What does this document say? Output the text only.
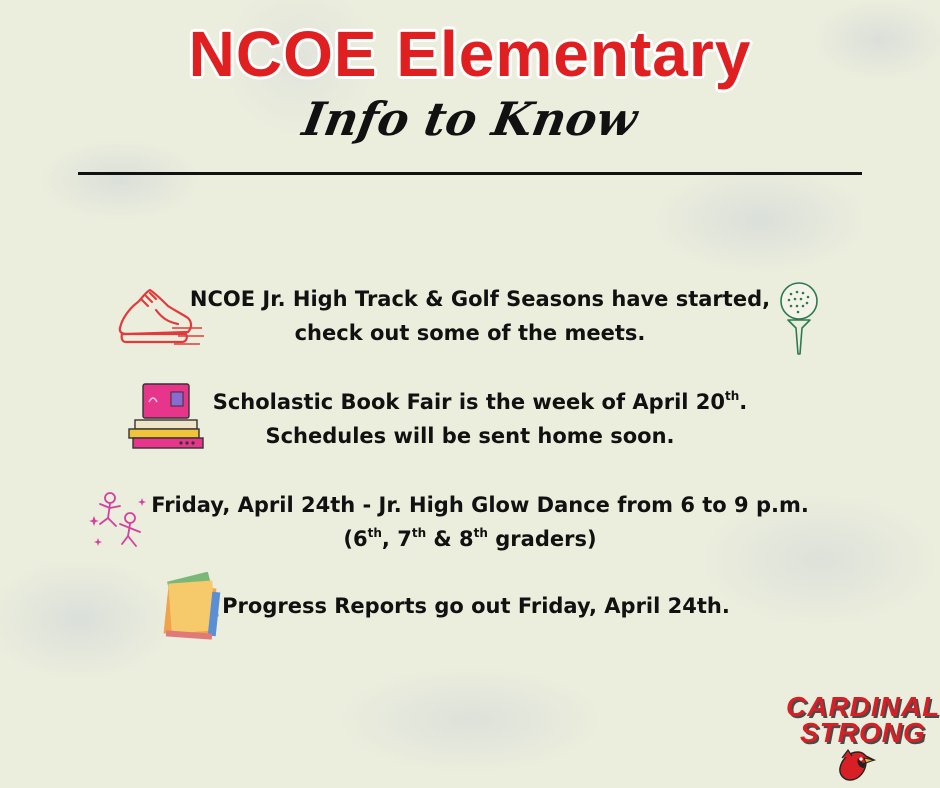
NCOE Elementary
Info to Know
NCOE Jr. High Track & Golf Seasons have started,
check out some of the meets.
Scholastic Book Fair is the week of April 20th.
Schedules will be sent home soon.
Friday, April 24th - Jr. High Glow Dance from 6 to 9 p.m.
(6th, 7th & 8th graders)
Progress Reports go out Friday, April 24th.
CARDINAL
STRONG
